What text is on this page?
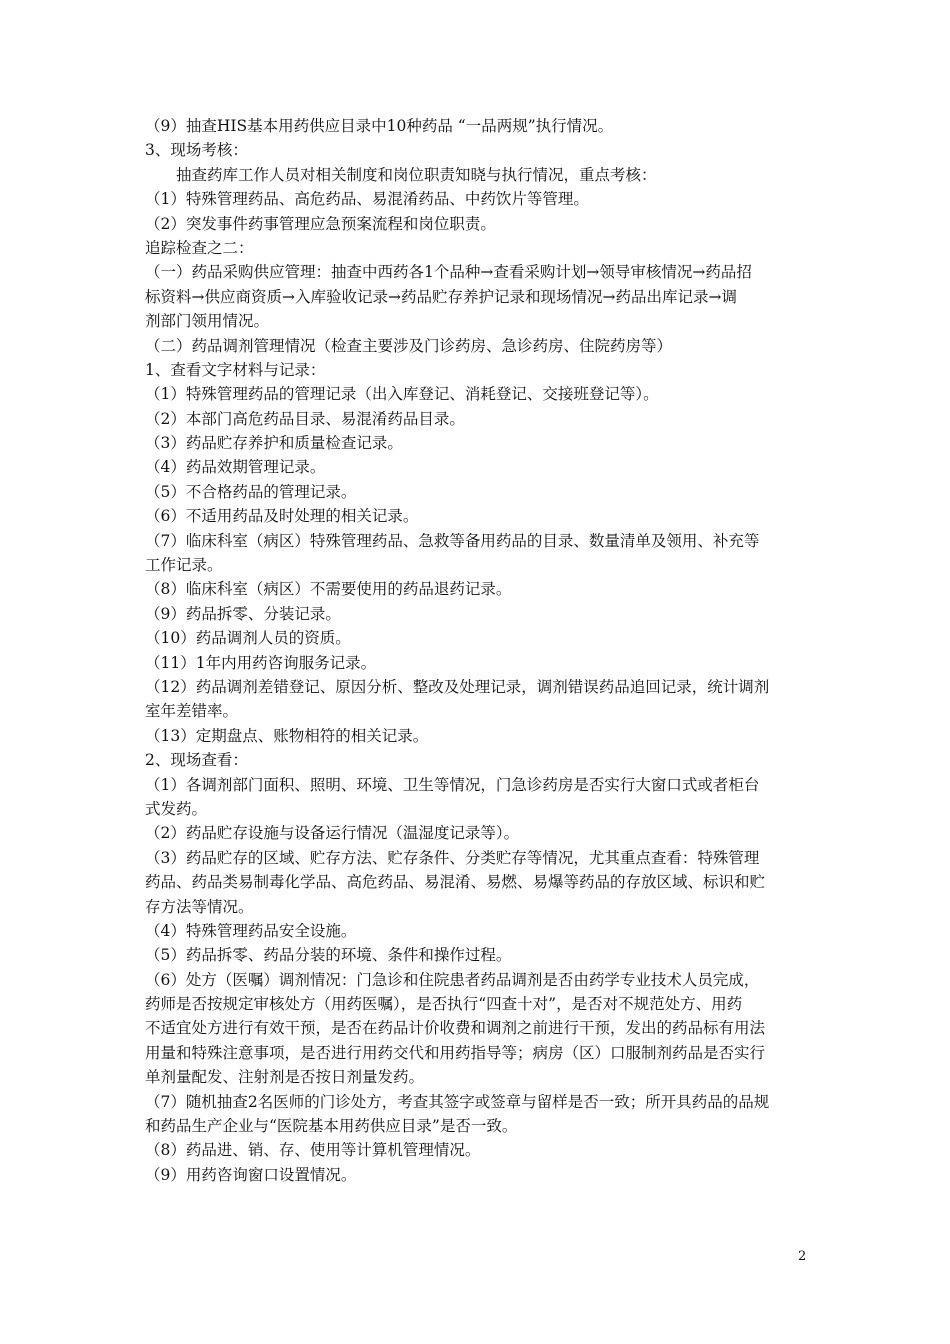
（9）抽查HIS基本用药供应目录中10种药品 “一品两规”执行情况。
3、现场考核：
抽查药库工作人员对相关制度和岗位职责知晓与执行情况，重点考核：
（1）特殊管理药品、高危药品、易混淆药品、中药饮片等管理。
（2）突发事件药事管理应急预案流程和岗位职责。
追踪检查之二：
（一）药品采购供应管理：抽查中西药各1个品种→查看采购计划→领导审核情况→药品招
标资料→供应商资质→入库验收记录→药品贮存养护记录和现场情况→药品出库记录→调
剂部门领用情况。
（二）药品调剂管理情况（检查主要涉及门诊药房、急诊药房、住院药房等）
1、查看文字材料与记录：
（1）特殊管理药品的管理记录（出入库登记、消耗登记、交接班登记等）。
（2）本部门高危药品目录、易混淆药品目录。
（3）药品贮存养护和质量检查记录。
（4）药品效期管理记录。
（5）不合格药品的管理记录。
（6）不适用药品及时处理的相关记录。
（7）临床科室（病区）特殊管理药品、急救等备用药品的目录、数量清单及领用、补充等
工作记录。
（8）临床科室（病区）不需要使用的药品退药记录。
（9）药品拆零、分装记录。
（10）药品调剂人员的资质。
（11）1年内用药咨询服务记录。
（12）药品调剂差错登记、原因分析、整改及处理记录，调剂错误药品追回记录，统计调剂
室年差错率。
（13）定期盘点、账物相符的相关记录。
2、现场查看：
（1）各调剂部门面积、照明、环境、卫生等情况，门急诊药房是否实行大窗口式或者柜台
式发药。
（2）药品贮存设施与设备运行情况（温湿度记录等）。
（3）药品贮存的区域、贮存方法、贮存条件、分类贮存等情况，尤其重点查看：特殊管理
药品、药品类易制毒化学品、高危药品、易混淆、易燃、易爆等药品的存放区域、标识和贮
存方法等情况。
（4）特殊管理药品安全设施。
（5）药品拆零、药品分装的环境、条件和操作过程。
（6）处方（医嘱）调剂情况：门急诊和住院患者药品调剂是否由药学专业技术人员完成，
药师是否按规定审核处方（用药医嘱），是否执行“四查十对”，是否对不规范处方、用药
不适宜处方进行有效干预，是否在药品计价收费和调剂之前进行干预，发出的药品标有用法
用量和特殊注意事项，是否进行用药交代和用药指导等；病房（区）口服制剂药品是否实行
单剂量配发、注射剂是否按日剂量发药。
（7）随机抽查2名医师的门诊处方，考查其签字或签章与留样是否一致；所开具药品的品规
和药品生产企业与“医院基本用药供应目录”是否一致。
（8）药品进、销、存、使用等计算机管理情况。
（9）用药咨询窗口设置情况。
2
